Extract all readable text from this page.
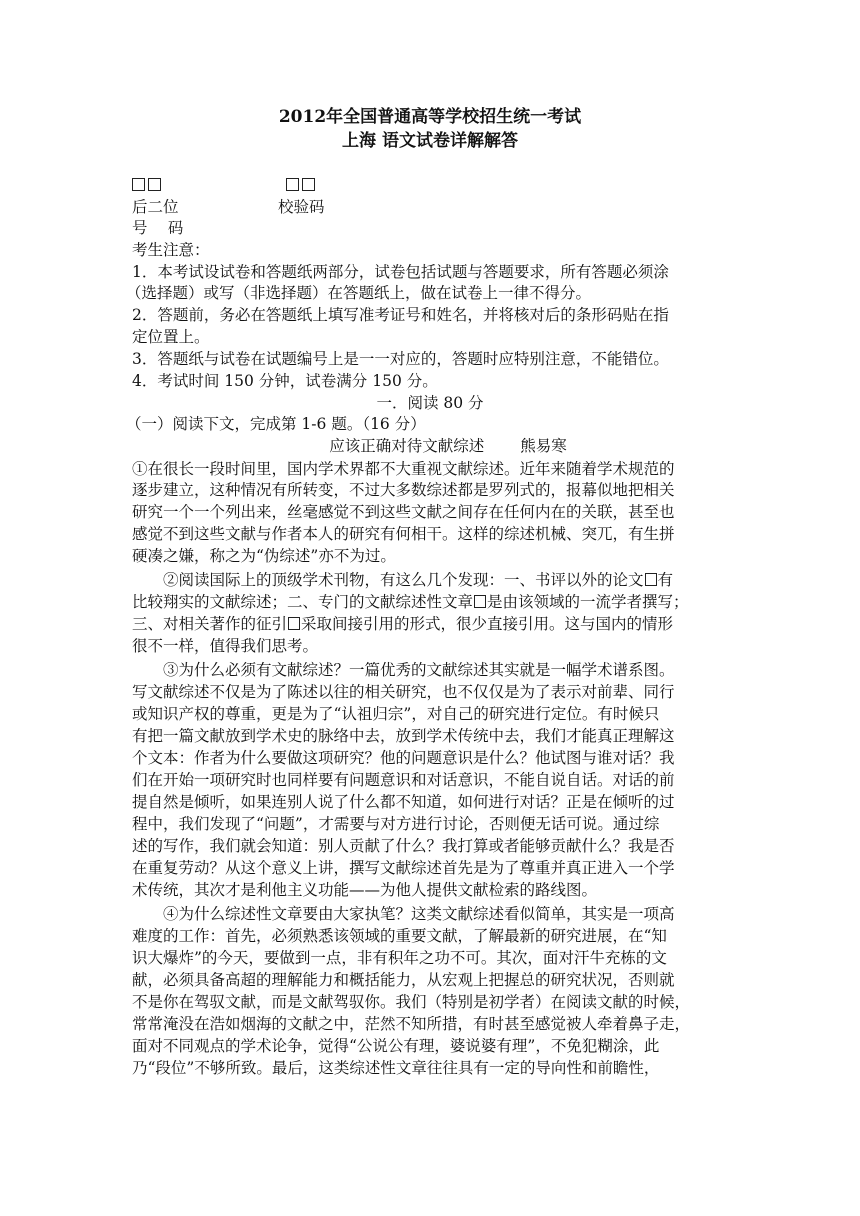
2012年全国普通高等学校招生统一考试
上海 语文试卷详解解答

后二位	校验码
号　 码
考生注意：
1．本考试设试卷和答题纸两部分，试卷包括试题与答题要求，所有答题必须涂
（选择题）或写（非选择题）在答题纸上，做在试卷上一律不得分。
2．答题前，务必在答题纸上填写准考证号和姓名，并将核对后的条形码贴在指
定位置上。
3．答题纸与试卷在试题编号上是一一对应的，答题时应特别注意，不能错位。
4．考试时间 150 分钟，试卷满分 150 分。
一．阅读 80 分
（一）阅读下文，完成第 1-6 题。（16 分）
应该正确对待文献综述　　 熊易寒
①在很长一段时间里，国内学术界都不大重视文献综述。近年来随着学术规范的
逐步建立，这种情况有所转变，不过大多数综述都是罗列式的，报幕似地把相关
研究一个一个列出来，丝毫感觉不到这些文献之间存在任何内在的关联，甚至也
感觉不到这些文献与作者本人的研究有何相干。这样的综述机械、突兀，有生拼
硬凑之嫌，称之为“伪综述”亦不为过。
②阅读国际上的顶级学术刊物，有这么几个发现：一、书评以外的论文 有
比较翔实的文献综述；二、专门的文献综述性文章 是由该领域的一流学者撰写；
三、对相关著作的征引 采取间接引用的形式，很少直接引用。这与国内的情形
很不一样，值得我们思考。
③为什么必须有文献综述？一篇优秀的文献综述其实就是一幅学术谱系图。
写文献综述不仅是为了陈述以往的相关研究，也不仅仅是为了表示对前辈、同行
或知识产权的尊重，更是为了“认祖归宗”，对自己的研究进行定位。有时候只
有把一篇文献放到学术史的脉络中去，放到学术传统中去，我们才能真正理解这
个文本：作者为什么要做这项研究？他的问题意识是什么？他试图与谁对话？我
们在开始一项研究时也同样要有问题意识和对话意识，不能自说自话。对话的前
提自然是倾听，如果连别人说了什么都不知道，如何进行对话？正是在倾听的过
程中，我们发现了“问题”，才需要与对方进行讨论，否则便无话可说。通过综
述的写作，我们就会知道：别人贡献了什么？我打算或者能够贡献什么？我是否
在重复劳动？从这个意义上讲，撰写文献综述首先是为了尊重并真正进入一个学
术传统，其次才是利他主义功能——为他人提供文献检索的路线图。
④为什么综述性文章要由大家执笔？这类文献综述看似简单，其实是一项高
难度的工作：首先，必须熟悉该领域的重要文献，了解最新的研究进展，在“知
识大爆炸”的今天，要做到一点，非有积年之功不可。其次，面对汗牛充栋的文
献，必须具备高超的理解能力和概括能力，从宏观上把握总的研究状况，否则就
不是你在驾驭文献，而是文献驾驭你。我们（特别是初学者）在阅读文献的时候，
常常淹没在浩如烟海的文献之中，茫然不知所措，有时甚至感觉被人牵着鼻子走，
面对不同观点的学术论争，觉得“公说公有理，婆说婆有理”，不免犯糊涂，此
乃“段位”不够所致。最后，这类综述性文章往往具有一定的导向性和前瞻性，
